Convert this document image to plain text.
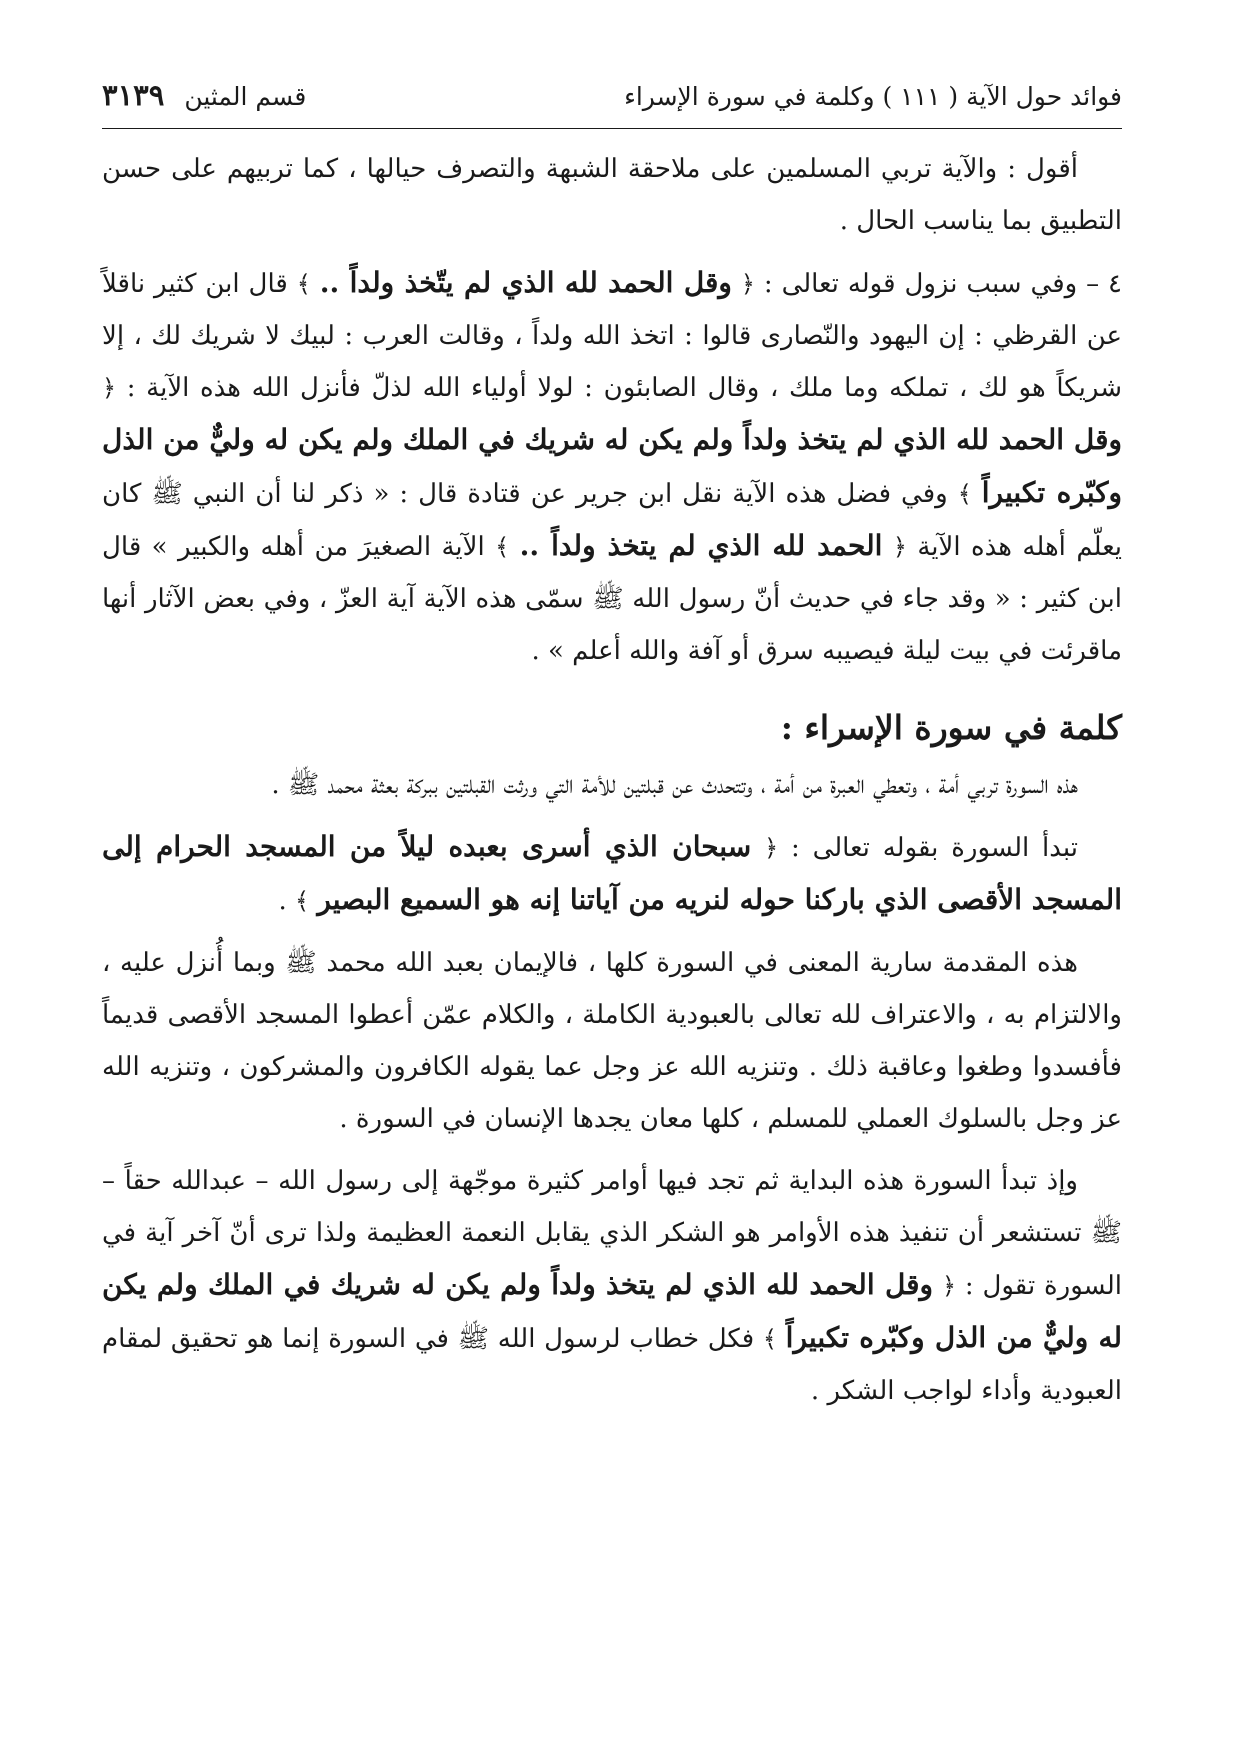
فوائد حول الآية ( ١١١ ) وكلمة في سورة الإسراء
قسم المثين
٣١٣٩

أقول : والآية تربي المسلمين على ملاحقة الشبهة والتصرف حيالها ، كما تربيهم على حسن التطبيق بما يناسب الحال .

٤ – وفي سبب نزول قوله تعالى : ﴿ وقل الحمد لله الذي لم يتّخذ ولداً .. ﴾ قال ابن كثير ناقلاً عن القرظي : إن اليهود والنّصارى قالوا : اتخذ الله ولداً ، وقالت العرب : لبيك لا شريك لك ، إلا شريكاً هو لك ، تملكه وما ملك ، وقال الصابئون : لولا أولياء الله لذلّ فأنزل الله هذه الآية : ﴿ وقل الحمد لله الذي لم يتخذ ولداً ولم يكن له شريك في الملك ولم يكن له وليٌّ من الذل وكبّره تكبيراً ﴾ وفي فضل هذه الآية نقل ابن جرير عن قتادة قال : « ذكر لنا أن النبي ﷺ كان يعلّم أهله هذه الآية ﴿ الحمد لله الذي لم يتخذ ولداً .. ﴾ الآية الصغيرَ من أهله والكبير » قال ابن كثير : « وقد جاء في حديث أنّ رسول الله ﷺ سمّى هذه الآية آية العزّ ، وفي بعض الآثار أنها ماقرئت في بيت ليلة فيصيبه سرق أو آفة والله أعلم » .

كلمة في سورة الإسراء :

هذه السورة تربي أمة ، وتعطي العبرة من أمة ، وتتحدث عن قبلتين للأمة التي ورثت القبلتين ببركة بعثة محمد ﷺ .

تبدأ السورة بقوله تعالى : ﴿ سبحان الذي أسرى بعبده ليلاً من المسجد الحرام إلى المسجد الأقصى الذي باركنا حوله لنريه من آياتنا إنه هو السميع البصير ﴾ .

هذه المقدمة سارية المعنى في السورة كلها ، فالإيمان بعبد الله محمد ﷺ وبما أُنزل عليه ، والالتزام به ، والاعتراف لله تعالى بالعبودية الكاملة ، والكلام عمّن أعطوا المسجد الأقصى قديماً فأفسدوا وطغوا وعاقبة ذلك . وتنزيه الله عز وجل عما يقوله الكافرون والمشركون ، وتنزيه الله عز وجل بالسلوك العملي للمسلم ، كلها معان يجدها الإنسان في السورة .

وإذ تبدأ السورة هذه البداية ثم تجد فيها أوامر كثيرة موجّهة إلى رسول الله – عبدالله حقاً – ﷺ تستشعر أن تنفيذ هذه الأوامر هو الشكر الذي يقابل النعمة العظيمة ولذا ترى أنّ آخر آية في السورة تقول : ﴿ وقل الحمد لله الذي لم يتخذ ولداً ولم يكن له شريك في الملك ولم يكن له وليٌّ من الذل وكبّره تكبيراً ﴾ فكل خطاب لرسول الله ﷺ في السورة إنما هو تحقيق لمقام العبودية وأداء لواجب الشكر .
